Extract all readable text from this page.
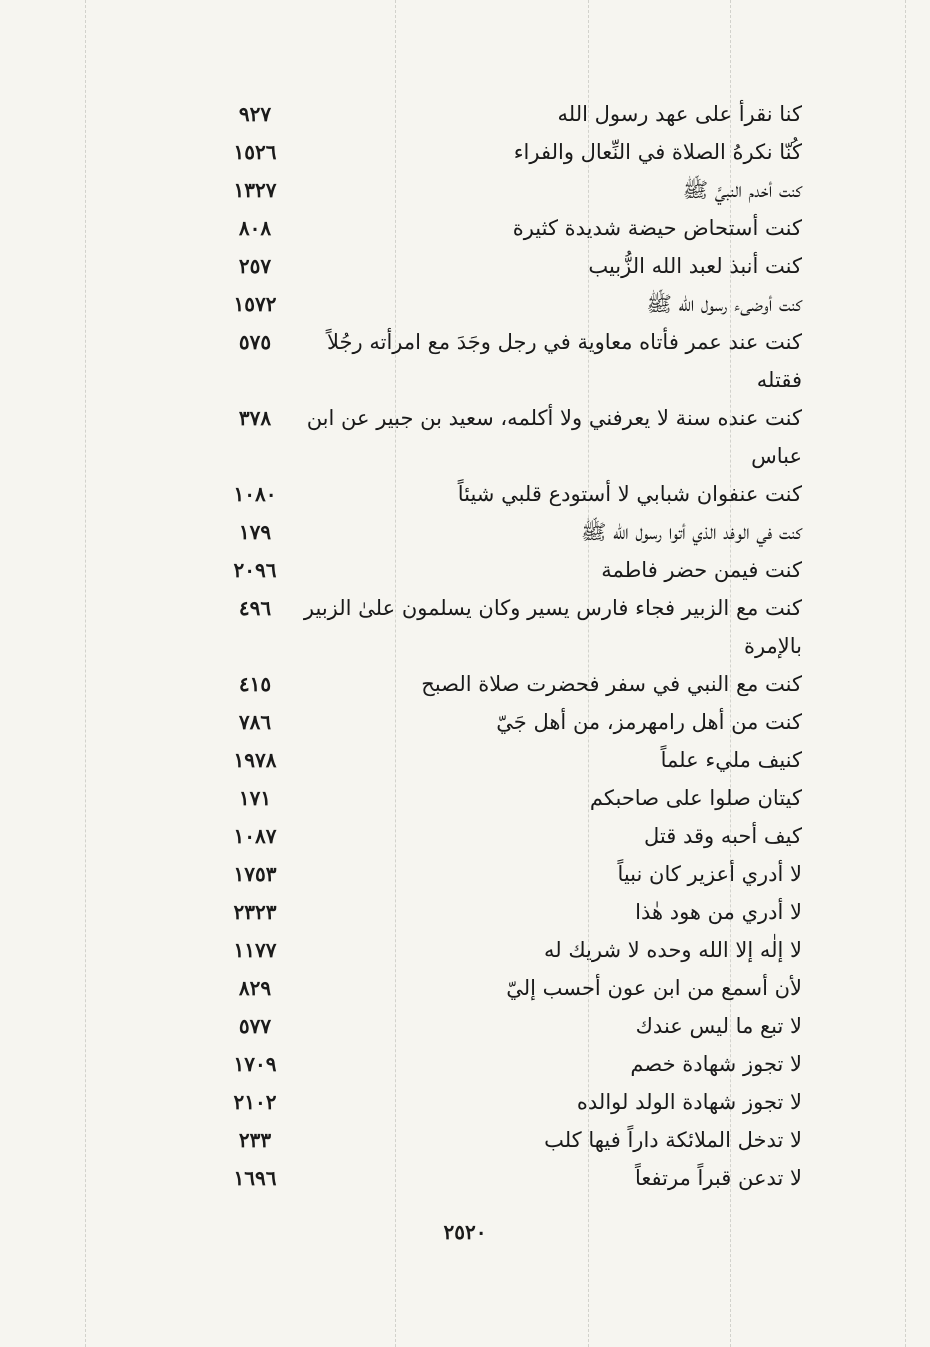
كنا نقرأ على عهد رسول الله
٩٢٧
كُنّا نكرهُ الصلاة في النِّعال والفراء
١٥٢٦
كنت أخدم النبيَّ ﷺ
١٣٢٧
كنت أستحاض حيضة شديدة كثيرة
٨٠٨
كنت أنبذ لعبد الله الزُّبيب
٢٥٧
كنت أوضىء رسول الله ﷺ
١٥٧٢
كنت عند عمر فأتاه معاوية في رجل وجَدَ مع امرأته رجُلاً فقتله
٥٧٥
كنت عنده سنة لا يعرفني ولا أكلمه، سعيد بن جبير عن ابن عباس
٣٧٨
كنت عنفوان شبابي لا أستودع قلبي شيئاً
١٠٨٠
كنت في الوفد الذي أتوا رسول الله ﷺ
١٧٩
كنت فيمن حضر فاطمة
٢٠٩٦
كنت مع الزبير فجاء فارس يسير وكان يسلمون علىٰ الزبير بالإمرة
٤٩٦
كنت مع النبي في سفر فحضرت صلاة الصبح
٤١٥
كنت من أهل رامهرمز، من أهل جَيّ
٧٨٦
كنيف مليء علماً
١٩٧٨
كيتان صلوا على صاحبكم
١٧١
كيف أحبه وقد قتل
١٠٨٧
لا أدري أعزير كان نبياً
١٧٥٣
لا أدري من هود هٰذا
٢٣٢٣
لا إلٰه إلا الله وحده لا شريك له
١١٧٧
لأن أسمع من ابن عون أحسب إليّ
٨٢٩
لا تبع ما ليس عندك
٥٧٧
لا تجوز شهادة خصم
١٧٠٩
لا تجوز شهادة الولد لوالده
٢١٠٢
لا تدخل الملائكة داراً فيها كلب
٢٣٣
لا تدعن قبراً مرتفعاً
١٦٩٦
٢٥٢٠
